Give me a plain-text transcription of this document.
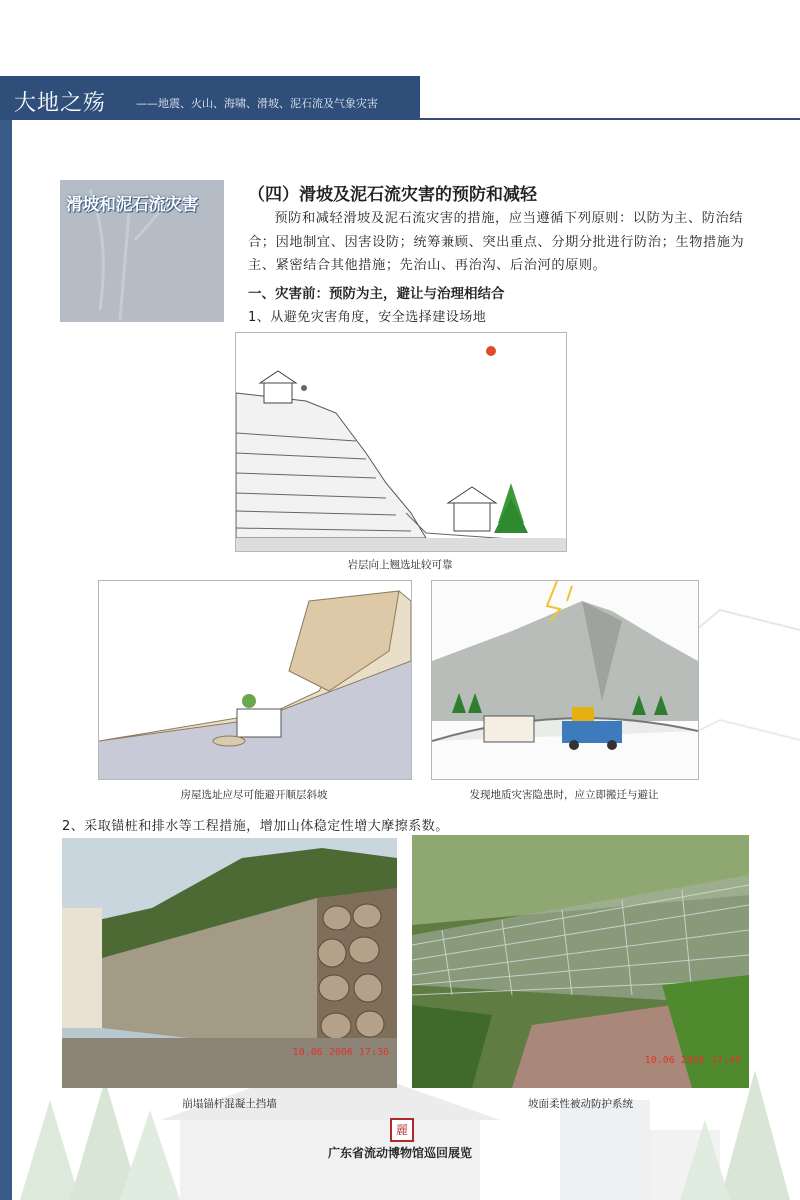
大地之殇	——地震、火山、海啸、滑坡、泥石流及气象灾害
滑坡和泥石流灾害	（四）滑坡及泥石流灾害的预防和减轻
预防和减轻滑坡及泥石流灾害的措施，应当遵循下列原则：以防为主、防治结合；因地制宜、因害设防；统筹兼顾、突出重点、分期分批进行防治；生物措施为主、紧密结合其他措施；先治山、再治沟、后治河的原则。
一、灾害前：预防为主，避让与治理相结合
1、从避免灾害角度，安全选择建设场地
岩层向上翘选址较可靠
房屋选址应尽可能避开顺层斜坡	发现地质灾害隐患时，应立即搬迁与避让
2、采取锚桩和排水等工程措施，增加山体稳定性增大摩擦系数。
10.06 2006 17:36
崩塌锚杆混凝土挡墙
10.06 2006 17:40
坡面柔性被动防护系统
麗
广东省流动博物馆巡回展览
